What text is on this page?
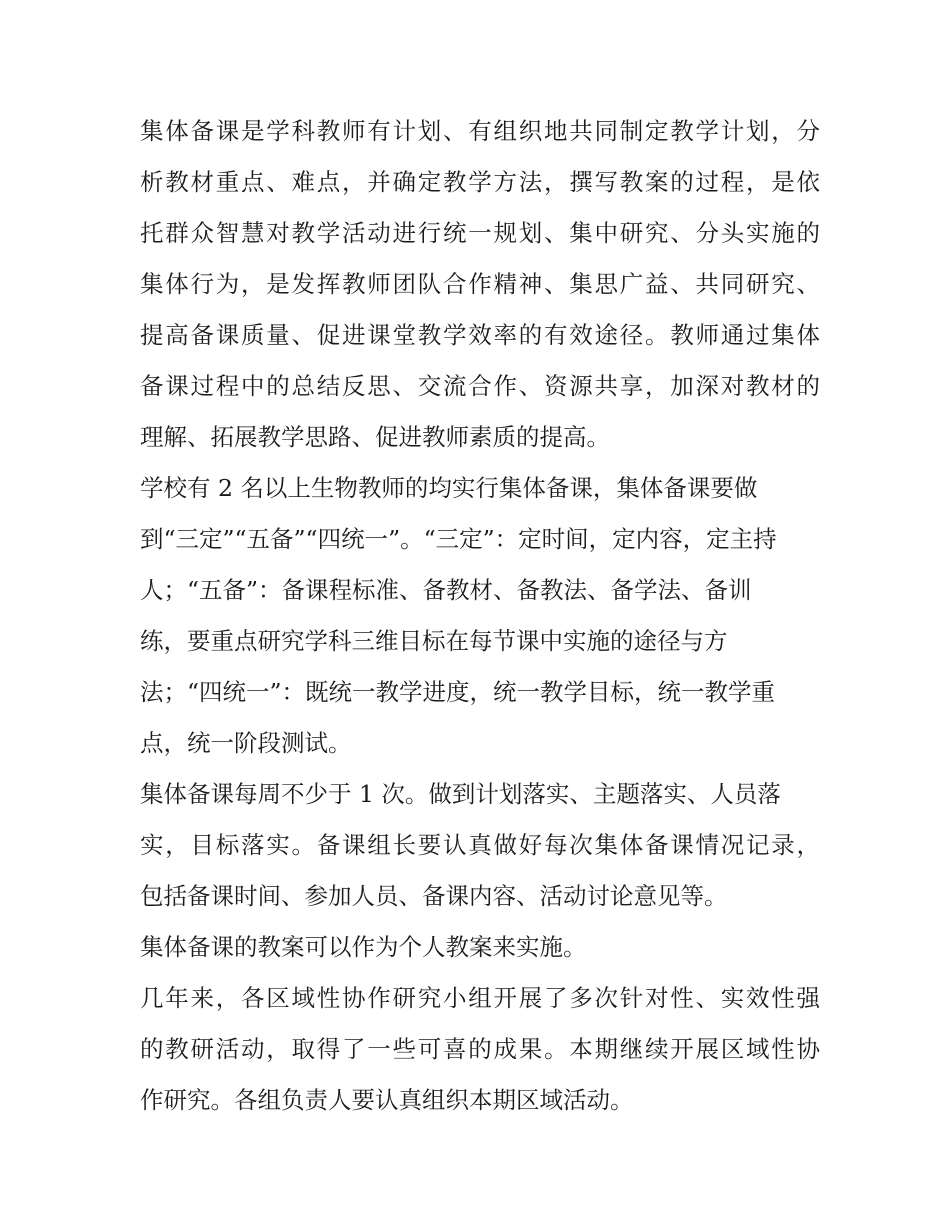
集体备课是学科教师有计划、有组织地共同制定教学计划，分
析教材重点、难点，并确定教学方法，撰写教案的过程，是依
托群众智慧对教学活动进行统一规划、集中研究、分头实施的
集体行为，是发挥教师团队合作精神、集思广益、共同研究、
提高备课质量、促进课堂教学效率的有效途径。教师通过集体
备课过程中的总结反思、交流合作、资源共享，加深对教材的
理解、拓展教学思路、促进教师素质的提高。
学校有 2 名以上生物教师的均实行集体备课，集体备课要做
到“三定”“五备”“四统一”。“三定”：定时间，定内容，定主持
人；“五备”：备课程标准、备教材、备教法、备学法、备训
练，要重点研究学科三维目标在每节课中实施的途径与方
法；“四统一”：既统一教学进度，统一教学目标，统一教学重
点，统一阶段测试。
集体备课每周不少于 1 次。做到计划落实、主题落实、人员落
实，目标落实。备课组长要认真做好每次集体备课情况记录，
包括备课时间、参加人员、备课内容、活动讨论意见等。
集体备课的教案可以作为个人教案来实施。
几年来，各区域性协作研究小组开展了多次针对性、实效性强
的教研活动，取得了一些可喜的成果。本期继续开展区域性协
作研究。各组负责人要认真组织本期区域活动。
